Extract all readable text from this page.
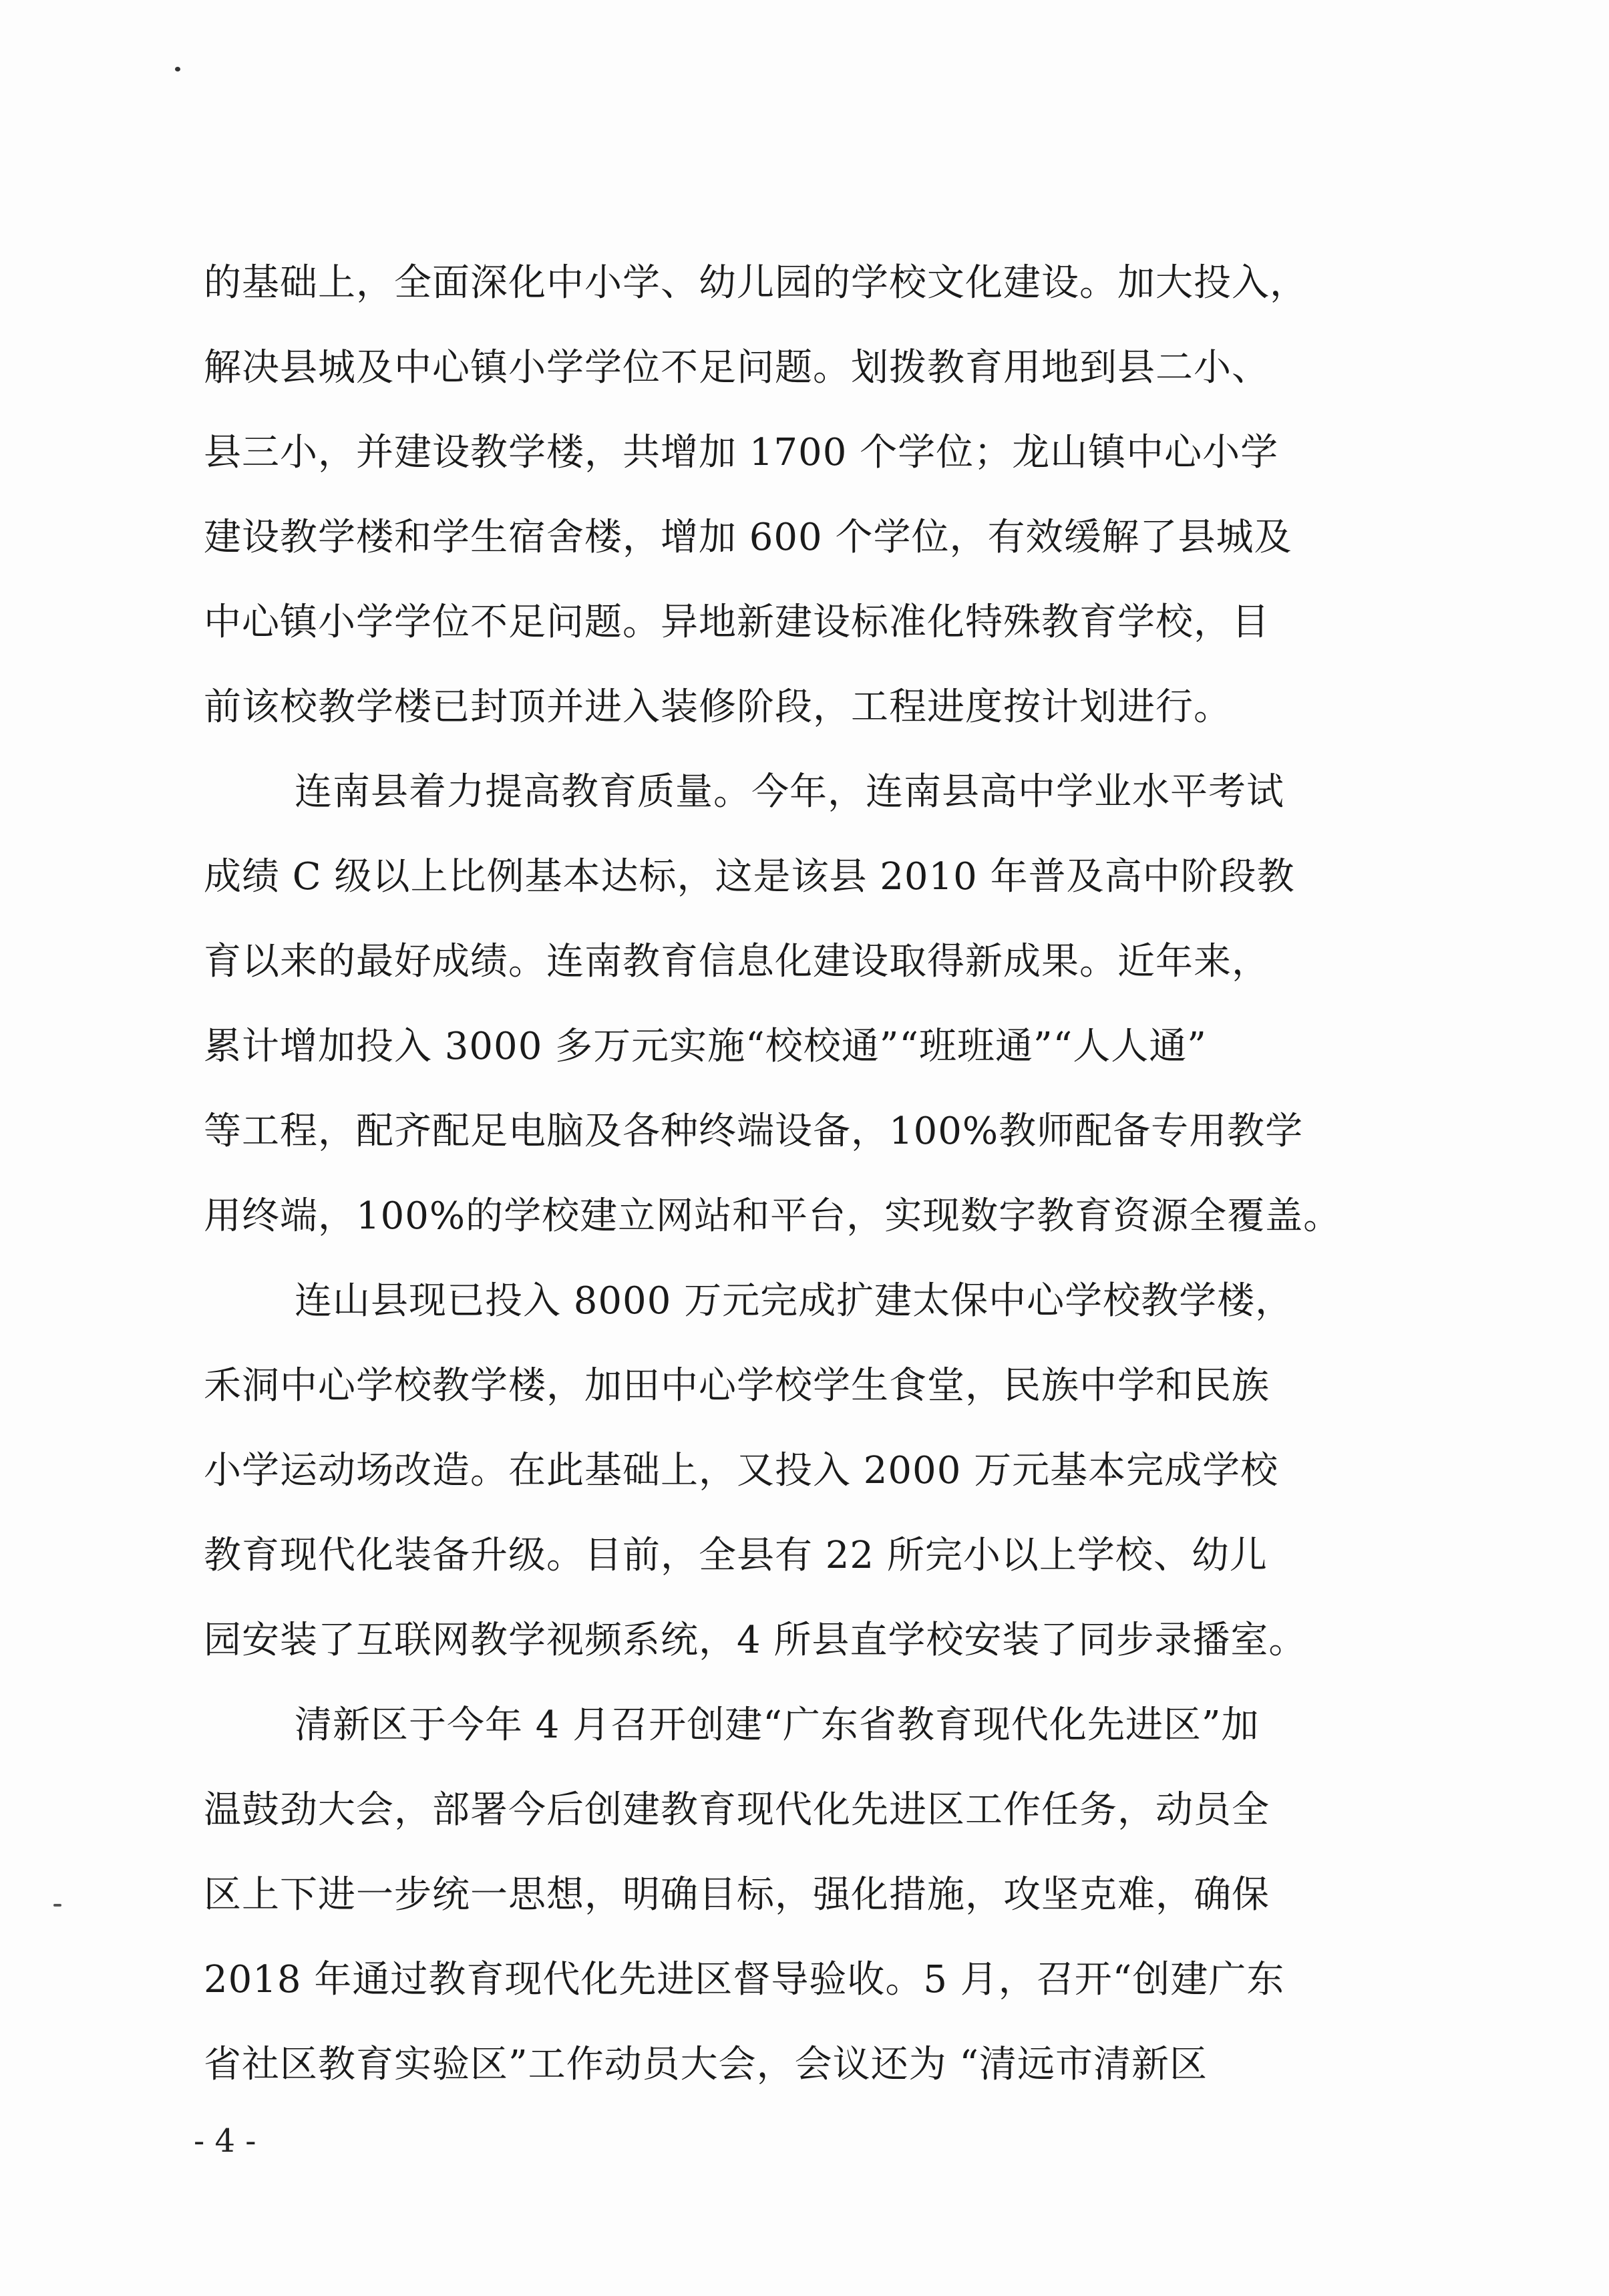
的基础上，全面深化中小学、幼儿园的学校文化建设。加大投入，
解决县城及中心镇小学学位不足问题。划拨教育用地到县二小、
县三小，并建设教学楼，共增加 1700 个学位；龙山镇中心小学
建设教学楼和学生宿舍楼，增加 600 个学位，有效缓解了县城及
中心镇小学学位不足问题。异地新建设标准化特殊教育学校，目
前该校教学楼已封顶并进入装修阶段，工程进度按计划进行。
连南县着力提高教育质量。今年，连南县高中学业水平考试
成绩 C 级以上比例基本达标，这是该县 2010 年普及高中阶段教
育以来的最好成绩。连南教育信息化建设取得新成果。近年来，
累计增加投入 3000 多万元实施“校校通”“班班通”“人人通”
等工程，配齐配足电脑及各种终端设备，100%教师配备专用教学
用终端，100%的学校建立网站和平台，实现数字教育资源全覆盖。
连山县现已投入 8000 万元完成扩建太保中心学校教学楼，
禾洞中心学校教学楼，加田中心学校学生食堂，民族中学和民族
小学运动场改造。在此基础上，又投入 2000 万元基本完成学校
教育现代化装备升级。目前，全县有 22 所完小以上学校、幼儿
园安装了互联网教学视频系统，4 所县直学校安装了同步录播室。
清新区于今年 4 月召开创建“广东省教育现代化先进区”加
温鼓劲大会，部署今后创建教育现代化先进区工作任务，动员全
区上下进一步统一思想，明确目标，强化措施，攻坚克难，确保
2018 年通过教育现代化先进区督导验收。5 月，召开“创建广东
省社区教育实验区”工作动员大会，会议还为 “清远市清新区
- 4 -
